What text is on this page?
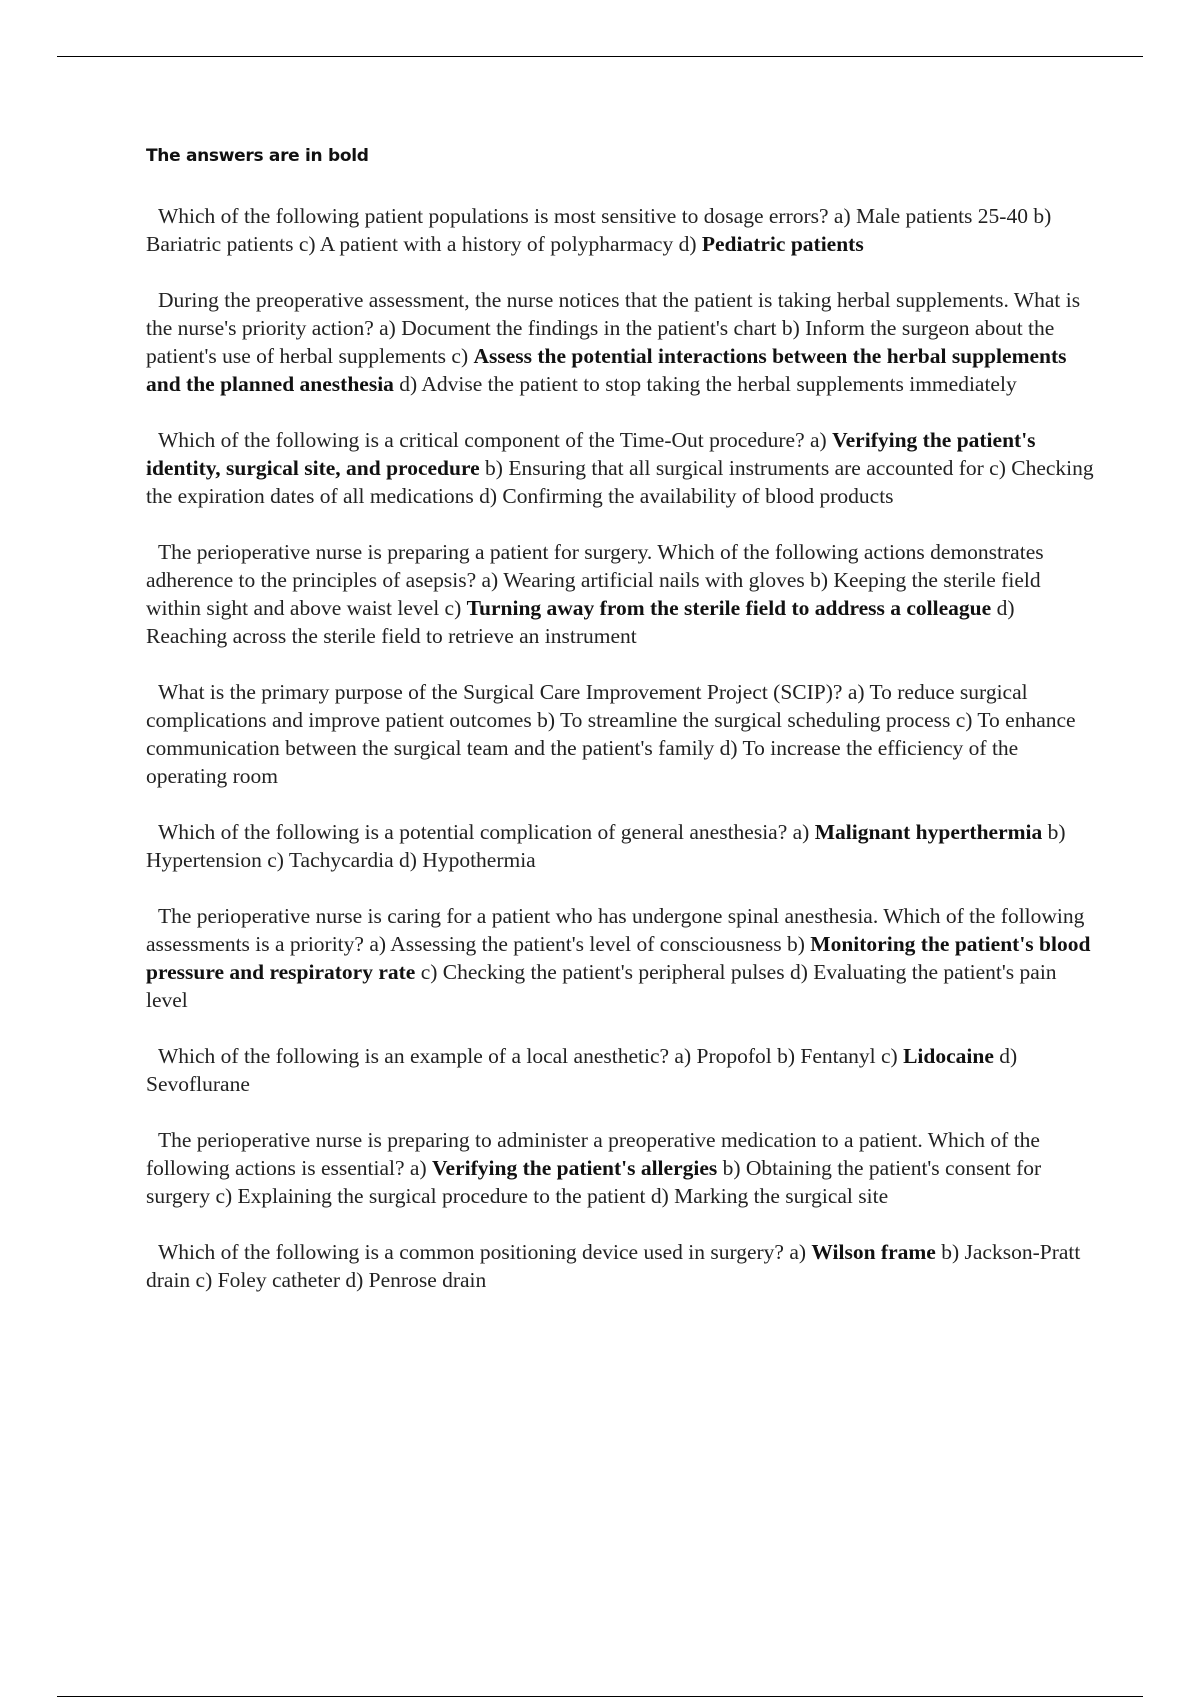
The answers are in bold

Which of the following patient populations is most sensitive to dosage errors? a) Male patients 25-40 b) Bariatric patients c) A patient with a history of polypharmacy d) Pediatric patients

During the preoperative assessment, the nurse notices that the patient is taking herbal supplements. What is the nurse's priority action? a) Document the findings in the patient's chart b) Inform the surgeon about the patient's use of herbal supplements c) Assess the potential interactions between the herbal supplements and the planned anesthesia d) Advise the patient to stop taking the herbal supplements immediately

Which of the following is a critical component of the Time-Out procedure? a) Verifying the patient's identity, surgical site, and procedure b) Ensuring that all surgical instruments are accounted for c) Checking the expiration dates of all medications d) Confirming the availability of blood products

The perioperative nurse is preparing a patient for surgery. Which of the following actions demonstrates adherence to the principles of asepsis? a) Wearing artificial nails with gloves b) Keeping the sterile field within sight and above waist level c) Turning away from the sterile field to address a colleague d) Reaching across the sterile field to retrieve an instrument

What is the primary purpose of the Surgical Care Improvement Project (SCIP)? a) To reduce surgical complications and improve patient outcomes b) To streamline the surgical scheduling process c) To enhance communication between the surgical team and the patient's family d) To increase the efficiency of the operating room

Which of the following is a potential complication of general anesthesia? a) Malignant hyperthermia b) Hypertension c) Tachycardia d) Hypothermia

The perioperative nurse is caring for a patient who has undergone spinal anesthesia. Which of the following assessments is a priority? a) Assessing the patient's level of consciousness b) Monitoring the patient's blood pressure and respiratory rate c) Checking the patient's peripheral pulses d) Evaluating the patient's pain level

Which of the following is an example of a local anesthetic? a) Propofol b) Fentanyl c) Lidocaine d) Sevoflurane

The perioperative nurse is preparing to administer a preoperative medication to a patient. Which of the following actions is essential? a) Verifying the patient's allergies b) Obtaining the patient's consent for surgery c) Explaining the surgical procedure to the patient d) Marking the surgical site

Which of the following is a common positioning device used in surgery? a) Wilson frame b) Jackson-Pratt drain c) Foley catheter d) Penrose drain
